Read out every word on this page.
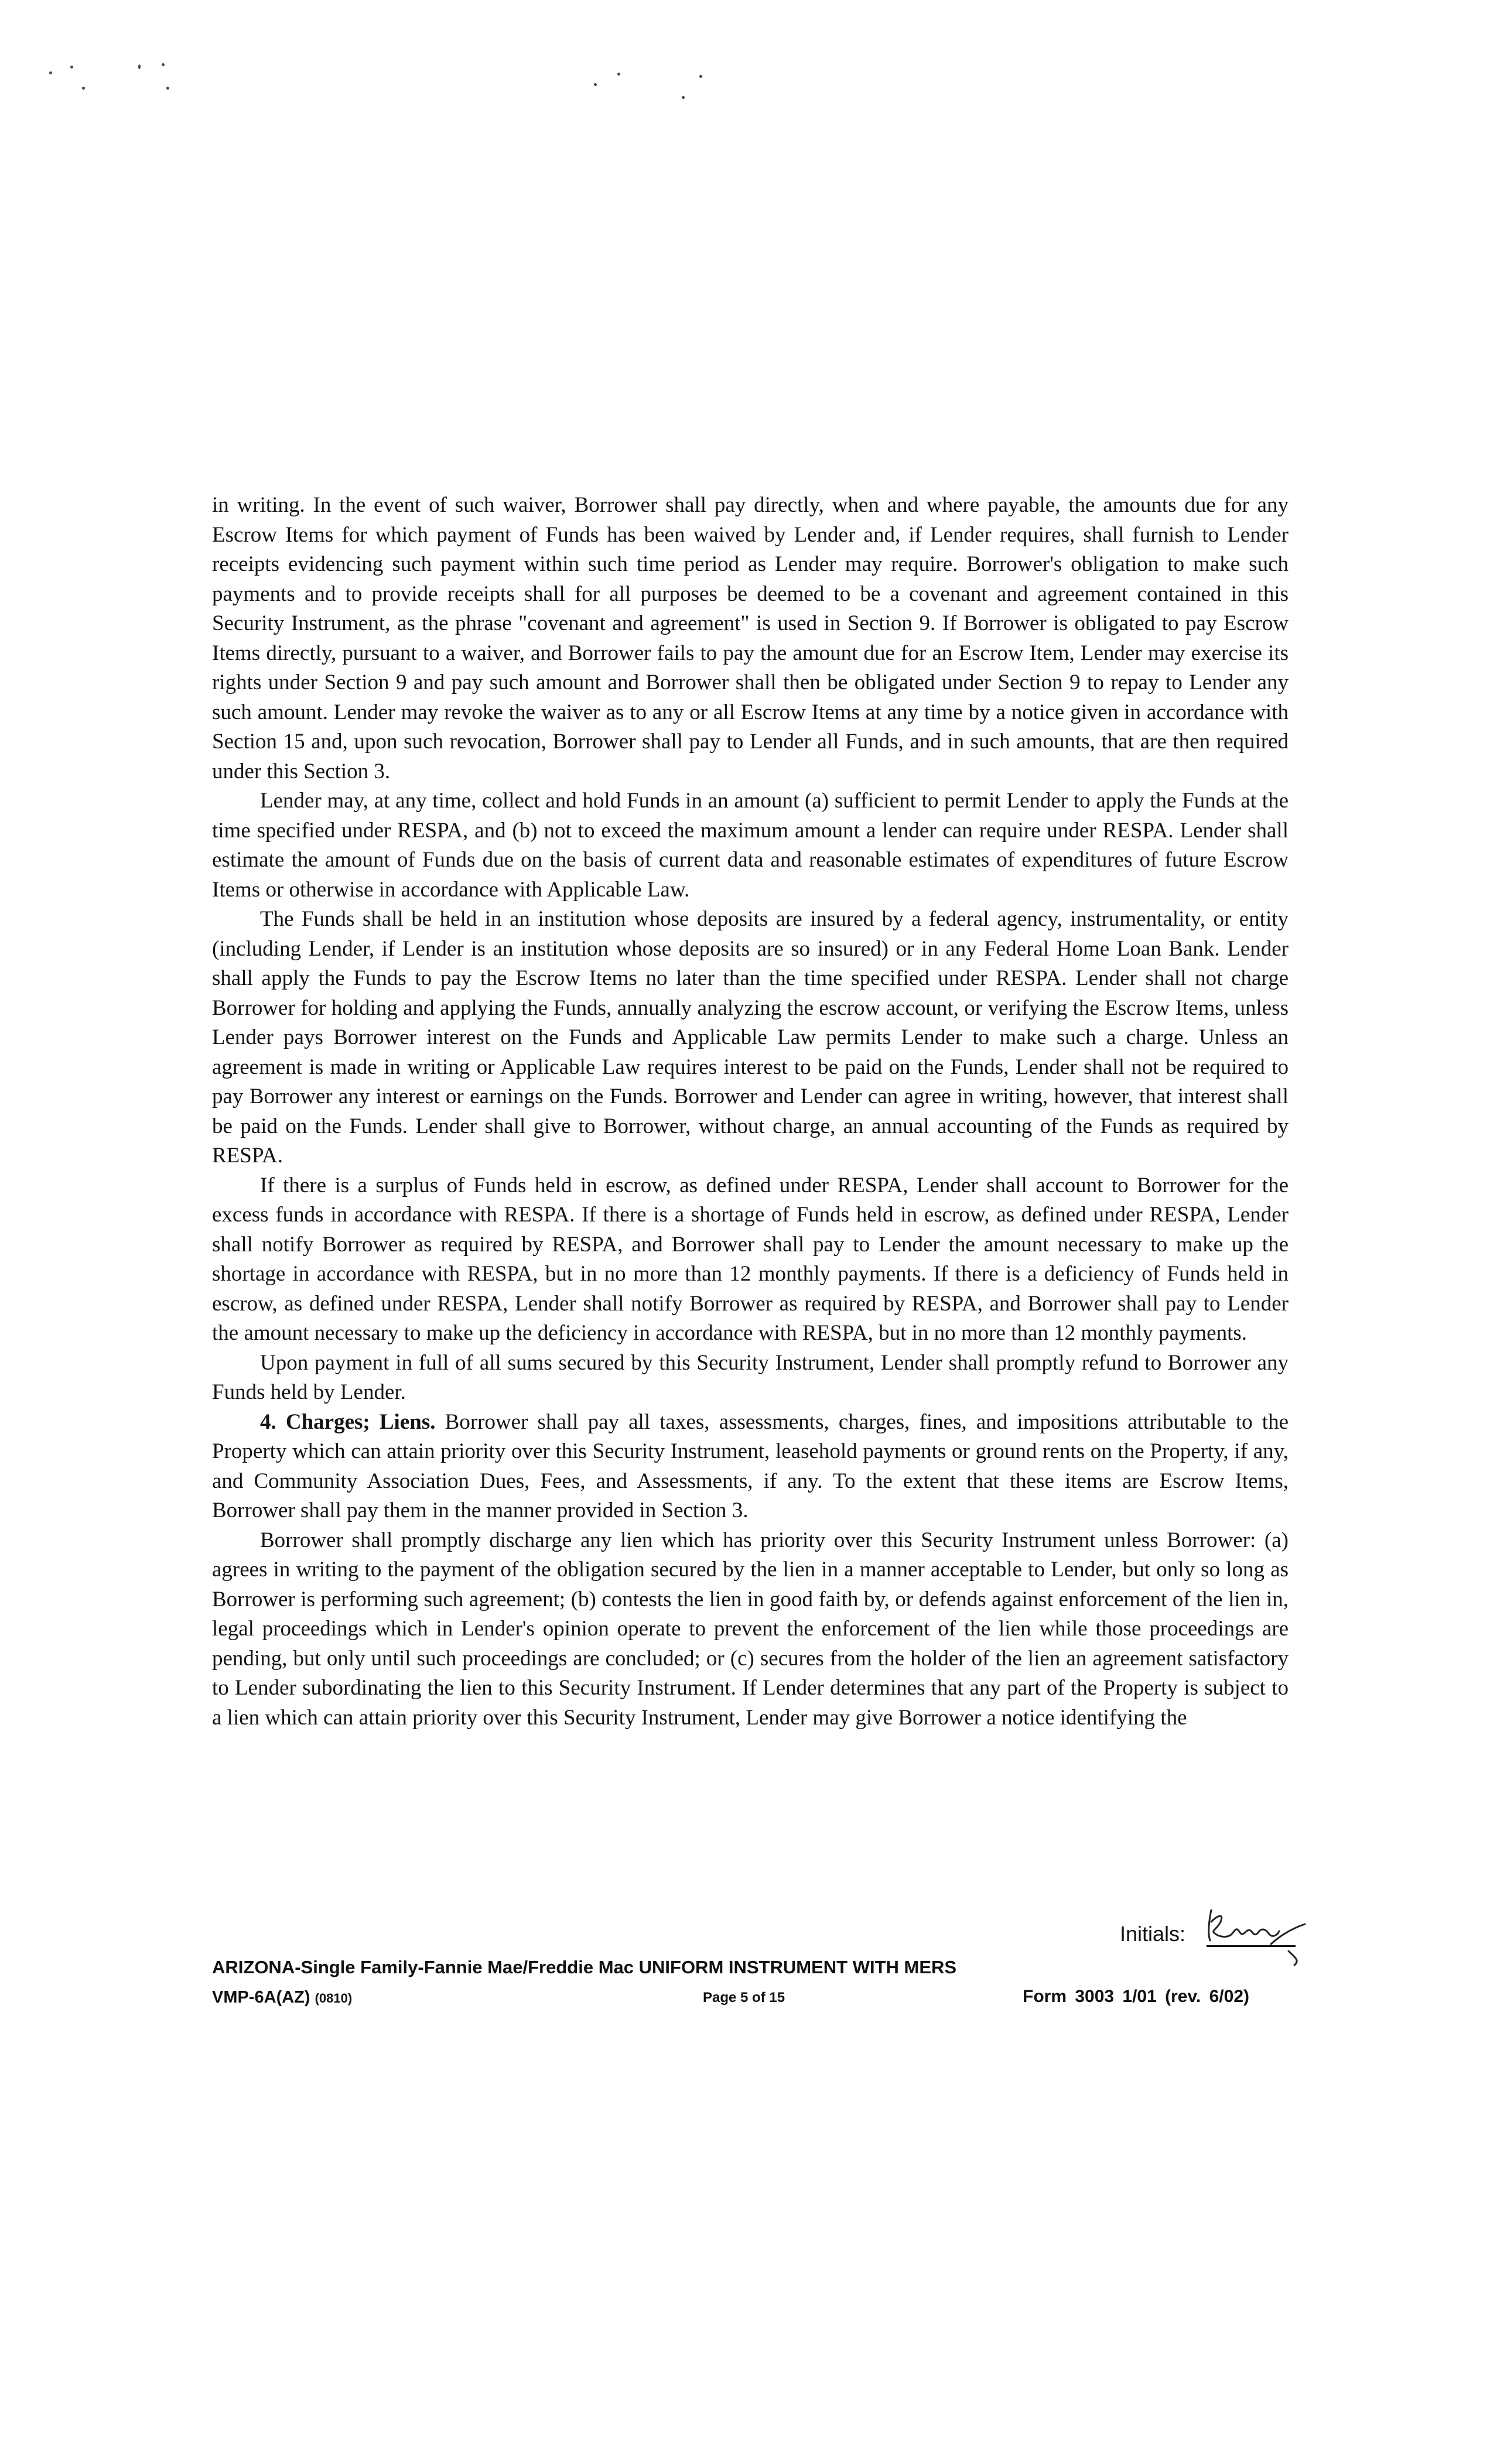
in writing. In the event of such waiver, Borrower shall pay directly, when and where payable, the amounts due for any Escrow Items for which payment of Funds has been waived by Lender and, if Lender requires, shall furnish to Lender receipts evidencing such payment within such time period as Lender may require. Borrower's obligation to make such payments and to provide receipts shall for all purposes be deemed to be a covenant and agreement contained in this Security Instrument, as the phrase "covenant and agreement" is used in Section 9. If Borrower is obligated to pay Escrow Items directly, pursuant to a waiver, and Borrower fails to pay the amount due for an Escrow Item, Lender may exercise its rights under Section 9 and pay such amount and Borrower shall then be obligated under Section 9 to repay to Lender any such amount. Lender may revoke the waiver as to any or all Escrow Items at any time by a notice given in accordance with Section 15 and, upon such revocation, Borrower shall pay to Lender all Funds, and in such amounts, that are then required under this Section 3.

Lender may, at any time, collect and hold Funds in an amount (a) sufficient to permit Lender to apply the Funds at the time specified under RESPA, and (b) not to exceed the maximum amount a lender can require under RESPA. Lender shall estimate the amount of Funds due on the basis of current data and reasonable estimates of expenditures of future Escrow Items or otherwise in accordance with Applicable Law.

The Funds shall be held in an institution whose deposits are insured by a federal agency, instrumentality, or entity (including Lender, if Lender is an institution whose deposits are so insured) or in any Federal Home Loan Bank. Lender shall apply the Funds to pay the Escrow Items no later than the time specified under RESPA. Lender shall not charge Borrower for holding and applying the Funds, annually analyzing the escrow account, or verifying the Escrow Items, unless Lender pays Borrower interest on the Funds and Applicable Law permits Lender to make such a charge. Unless an agreement is made in writing or Applicable Law requires interest to be paid on the Funds, Lender shall not be required to pay Borrower any interest or earnings on the Funds. Borrower and Lender can agree in writing, however, that interest shall be paid on the Funds. Lender shall give to Borrower, without charge, an annual accounting of the Funds as required by RESPA.

If there is a surplus of Funds held in escrow, as defined under RESPA, Lender shall account to Borrower for the excess funds in accordance with RESPA. If there is a shortage of Funds held in escrow, as defined under RESPA, Lender shall notify Borrower as required by RESPA, and Borrower shall pay to Lender the amount necessary to make up the shortage in accordance with RESPA, but in no more than 12 monthly payments. If there is a deficiency of Funds held in escrow, as defined under RESPA, Lender shall notify Borrower as required by RESPA, and Borrower shall pay to Lender the amount necessary to make up the deficiency in accordance with RESPA, but in no more than 12 monthly payments.

Upon payment in full of all sums secured by this Security Instrument, Lender shall promptly refund to Borrower any Funds held by Lender.

4. Charges; Liens. Borrower shall pay all taxes, assessments, charges, fines, and impositions attributable to the Property which can attain priority over this Security Instrument, leasehold payments or ground rents on the Property, if any, and Community Association Dues, Fees, and Assessments, if any. To the extent that these items are Escrow Items, Borrower shall pay them in the manner provided in Section 3.

Borrower shall promptly discharge any lien which has priority over this Security Instrument unless Borrower: (a) agrees in writing to the payment of the obligation secured by the lien in a manner acceptable to Lender, but only so long as Borrower is performing such agreement; (b) contests the lien in good faith by, or defends against enforcement of the lien in, legal proceedings which in Lender's opinion operate to prevent the enforcement of the lien while those proceedings are pending, but only until such proceedings are concluded; or (c) secures from the holder of the lien an agreement satisfactory to Lender subordinating the lien to this Security Instrument. If Lender determines that any part of the Property is subject to a lien which can attain priority over this Security Instrument, Lender may give Borrower a notice identifying the

Initials:
ARIZONA-Single Family-Fannie Mae/Freddie Mac UNIFORM INSTRUMENT WITH MERS
VMP-6A(AZ) (0810)	Page 5 of 15	Form 3003 1/01 (rev. 6/02)
